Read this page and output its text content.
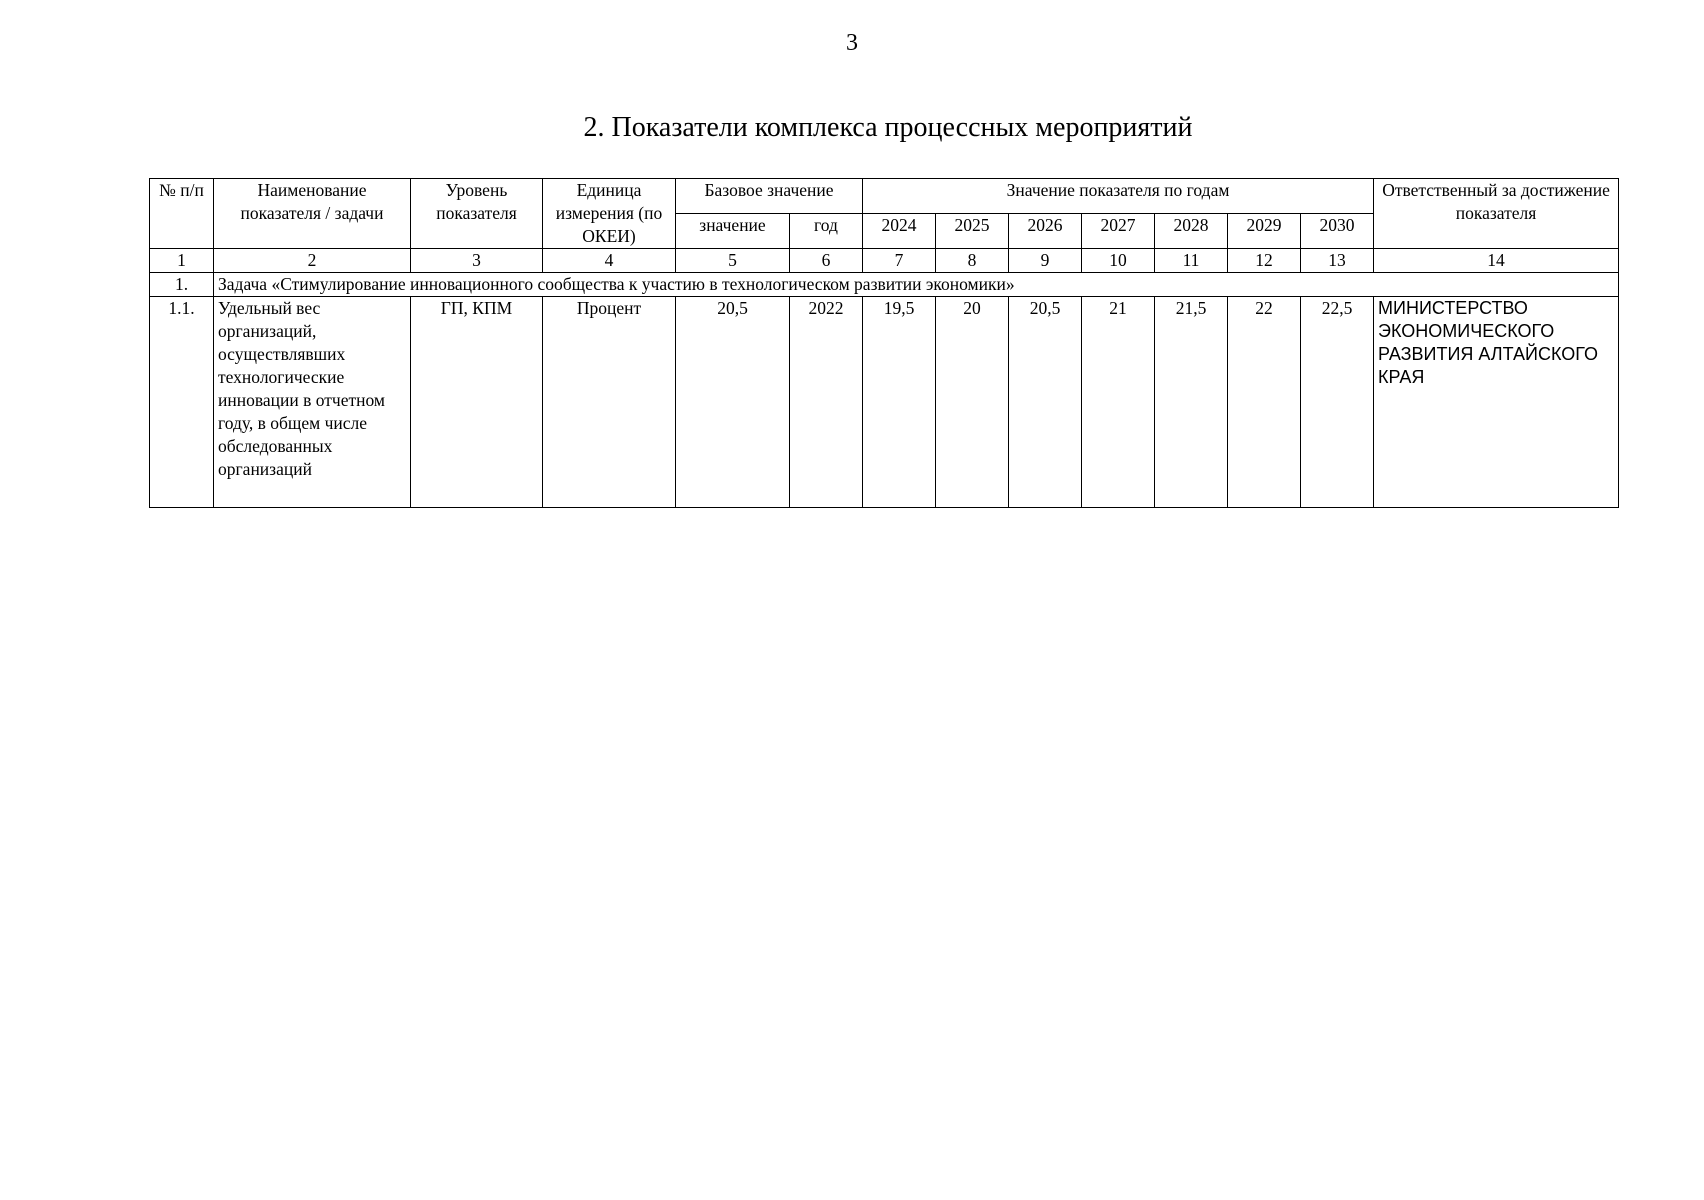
3
2. Показатели комплекса процессных мероприятий
№ п/п	Наименование показателя / задачи	Уровень показателя	Единица измерения (по ОКЕИ)	Базовое значение		Значение показателя по годам							Ответственный за достижение показателя
				значение	год	2024	2025	2026	2027	2028	2029	2030	
1	2	3	4	5	6	7	8	9	10	11	12	13	14
1.	Задача «Стимулирование инновационного сообщества к участию в технологическом развитии экономики»												
1.1.	Удельный вес организаций, осуществлявших технологические инновации в отчетном году, в общем числе обследованных организаций	ГП, КПМ	Процент	20,5	2022	19,5	20	20,5	21	21,5	22	22,5	МИНИСТЕРСТВО ЭКОНОМИЧЕСКОГО РАЗВИТИЯ АЛТАЙСКОГО КРАЯ
